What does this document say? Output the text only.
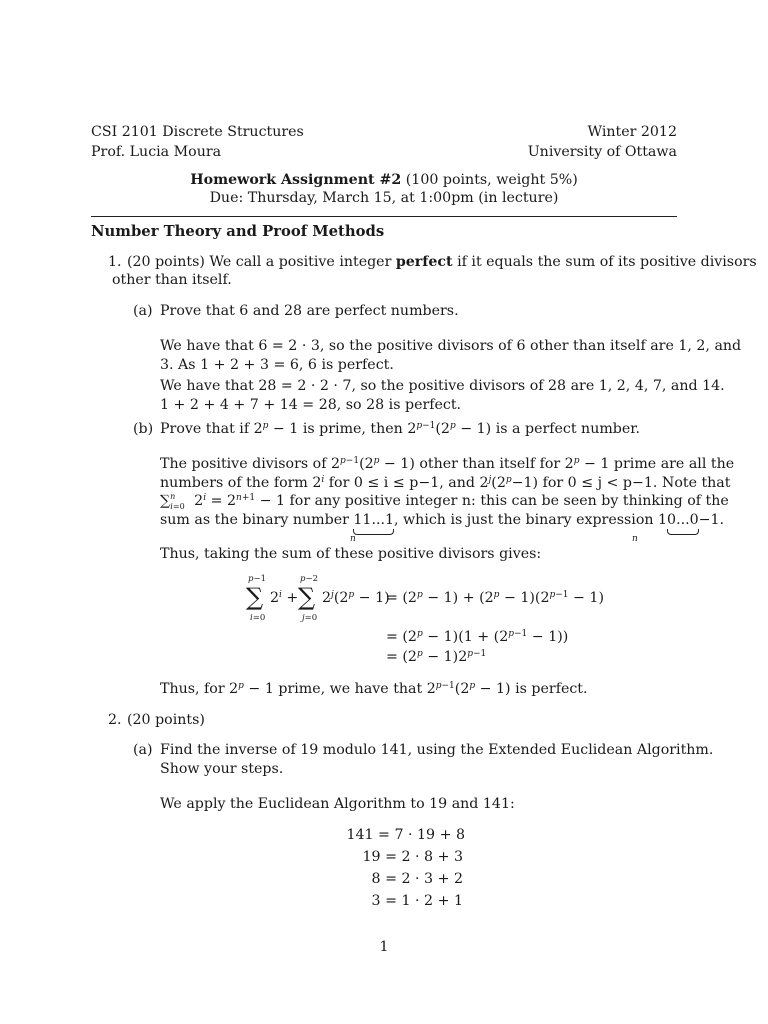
CSI 2101 Discrete Structures
Prof. Lucia Moura
Winter 2012
University of Ottawa
Homework Assignment #2 (100 points, weight 5%)
Due: Thursday, March 15, at 1:00pm (in lecture)
Number Theory and Proof Methods
1. (20 points) We call a positive integer perfect if it equals the sum of its positive divisors
other than itself.
(a) Prove that 6 and 28 are perfect numbers.
We have that 6 = 2 · 3, so the positive divisors of 6 other than itself are 1, 2, and
3. As 1 + 2 + 3 = 6, 6 is perfect.
We have that 28 = 2 · 2 · 7, so the positive divisors of 28 are 1, 2, 4, 7, and 14.
1 + 2 + 4 + 7 + 14 = 28, so 28 is perfect.
(b) Prove that if $2^p - 1$ is prime, then $2^{p-1}(2^p - 1)$ is a perfect number.
The positive divisors of $2^{p-1}(2^p - 1)$ other than itself for $2^p - 1$ prime are all the
numbers of the form 2$^i$ for 0 ≤ i ≤ p−1, and $2^j(2^p-1)$ for 0 ≤ j < p−1. Note that
∑$^n_{i=0}$ $2^i = 2^{n+1} - 1$ for any positive integer n: this can be seen by thinking of the
sum as the binary number 11...1, which is just the binary expression 10...0−1.
n	n
Thus, taking the sum of these positive divisors gives:
p−1
∑
i=0
$2^i$ +
p−2
∑
j=0
$2^j(2^p - 1)$
= $(2^p - 1) + (2^p - 1)(2^{p-1} - 1)$
= $(2^p - 1)(1 + (2^{p-1} - 1))$
= $(2^p - 1)2^{p-1}$
Thus, for $2^p - 1$ prime, we have that $2^{p-1}(2^p - 1)$ is perfect.
2. (20 points)
(a) Find the inverse of 19 modulo 141, using the Extended Euclidean Algorithm.
Show your steps.
We apply the Euclidean Algorithm to 19 and 141:
141 = 7 · 19 + 8
19 = 2 · 8 + 3
8 = 2 · 3 + 2
3 = 1 · 2 + 1
1
